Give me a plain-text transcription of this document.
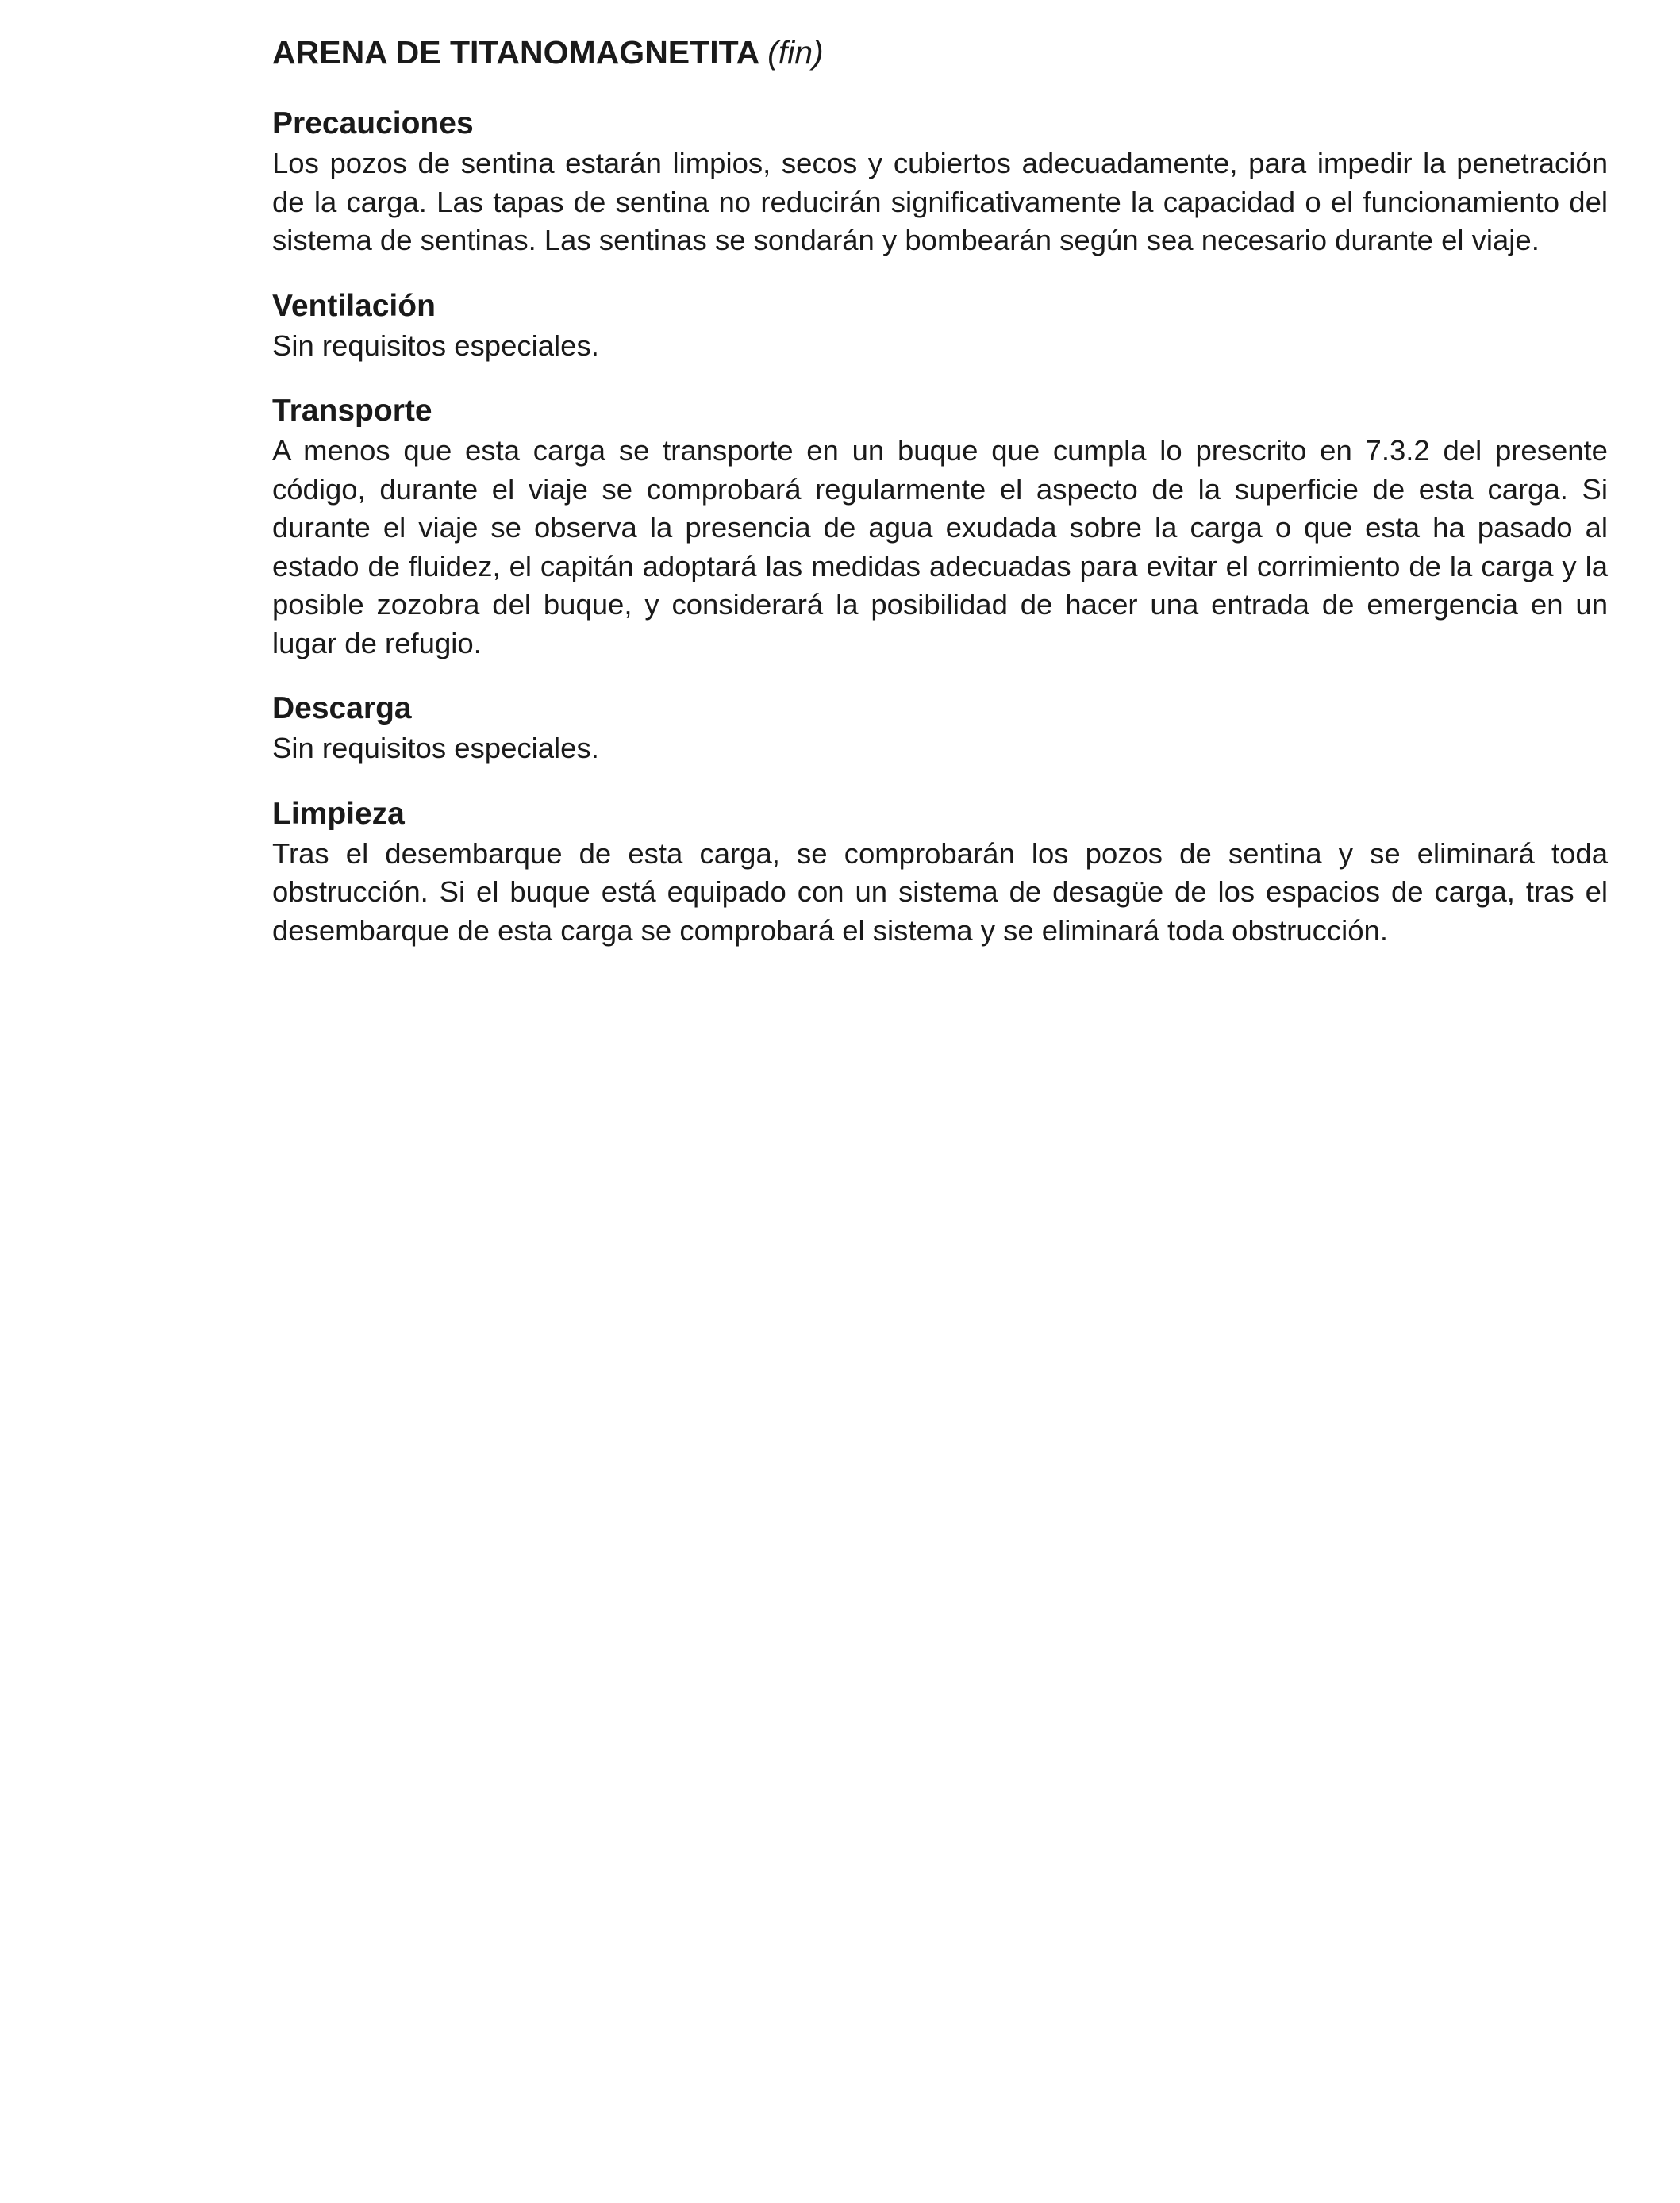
ARENA DE TITANOMAGNETITA (fin)
Precauciones

Los pozos de sentina estarán limpios, secos y cubiertos adecuadamente, para impedir la penetración de la carga. Las tapas de sentina no reducirán significativamente la capacidad o el funcionamiento del sistema de sentinas. Las sentinas se sondarán y bombearán según sea necesario durante el viaje.

Ventilación

Sin requisitos especiales.

Transporte

A menos que esta carga se transporte en un buque que cumpla lo prescrito en 7.3.2 del presente código, durante el viaje se comprobará regularmente el aspecto de la superficie de esta carga. Si durante el viaje se observa la presencia de agua exudada sobre la carga o que esta ha pasado al estado de fluidez, el capitán adoptará las medidas adecuadas para evitar el corrimiento de la carga y la posible zozobra del buque, y considerará la posibilidad de hacer una entrada de emergencia en un lugar de refugio.

Descarga

Sin requisitos especiales.

Limpieza

Tras el desembarque de esta carga, se comprobarán los pozos de sentina y se eliminará toda obstrucción. Si el buque está equipado con un sistema de desagüe de los espacios de carga, tras el desembarque de esta carga se comprobará el sistema y se eliminará toda obstrucción.
